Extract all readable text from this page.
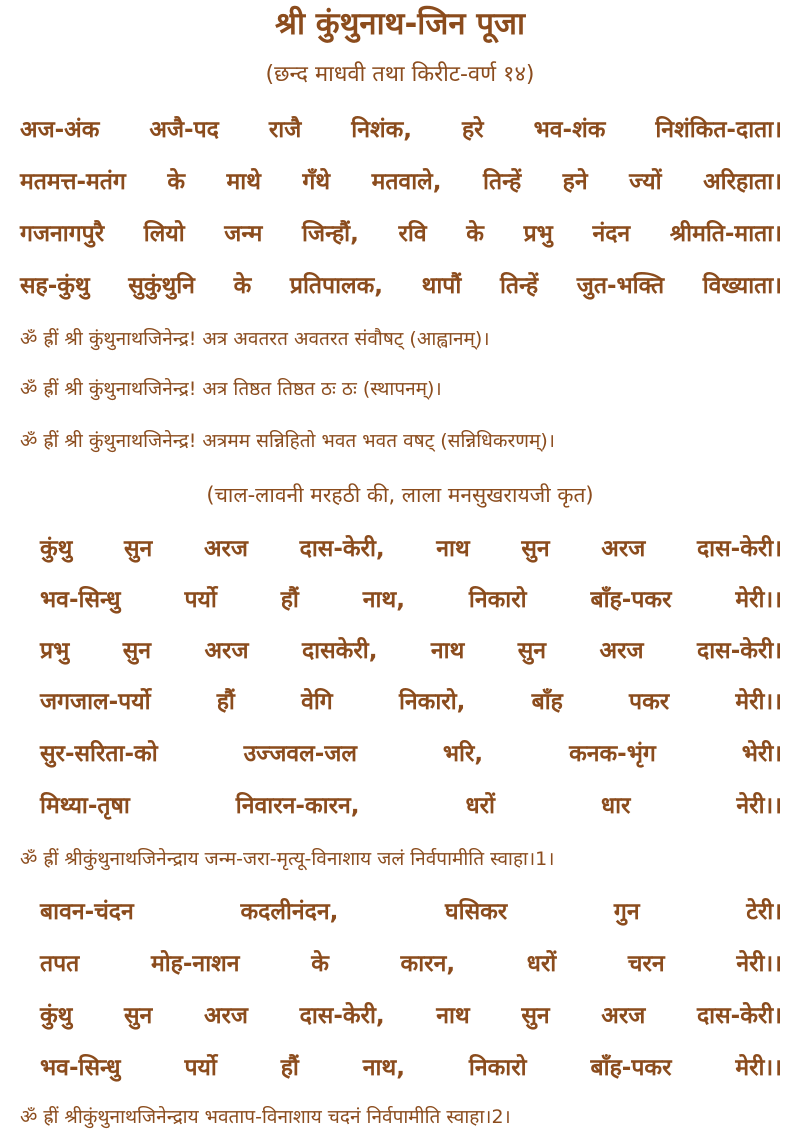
श्री कुंथुनाथ-जिन पूजा
(छन्द माधवी तथा किरीट-वर्ण १४)
अज-अंक अजै-पद राजै निशंक, हरे भव-शंक निशंकित-दाता।
मतमत्त-मतंग के माथे गँथे मतवाले, तिन्हें हने ज्यों अरिहाता।
गजनागपुरै लियो जन्म जिन्हौं, रवि के प्रभु नंदन श्रीमति-माता।
सह-कुंथु सुकुंथुनि के प्रतिपालक, थापौं तिन्हें जुत-भक्ति विख्याता।
ॐ ह्रीं श्री कुंथुनाथजिनेन्द्र! अत्र अवतरत अवतरत संवौषट् (आह्वानम्)।
ॐ ह्रीं श्री कुंथुनाथजिनेन्द्र! अत्र तिष्ठत तिष्ठत ठः ठः (स्थापनम्)।
ॐ ह्रीं श्री कुंथुनाथजिनेन्द्र! अत्रमम सन्निहितो भवत भवत वषट् (सन्निधिकरणम्)।
(चाल-लावनी मरहठी की, लाला मनसुखरायजी कृत)
कुंथु सुन अरज दास-केरी, नाथ सुन अरज दास-केरी।
भव-सिन्धु	पर्यो	हौं	नाथ,	निकारो	बाँह-पकर	मेरी।।
प्रभु सुन अरज दासकेरी, नाथ सुन अरज दास-केरी।
जगजाल-पर्यो	हौं	वेगि	निकारो,	बाँह	पकर	मेरी।।
सुर-सरिता-को	उज्जवल-जल	भरि,	कनक-भृंग	भेरी।
मिथ्या-तृषा	निवारन-कारन,	धरों	धार	नेरी।।
ॐ ह्रीं श्रीकुंथुनाथजिनेन्द्राय जन्म-जरा-मृत्यू-विनाशाय जलं निर्वपामीति स्वाहा।1।
बावन-चंदन	कदलीनंदन,	घसिकर	गुन	टेरी।
तपत	मोह-नाशन	के	कारन,	धरों	चरन	नेरी।।
कुंथु सुन अरज दास-केरी, नाथ सुन अरज दास-केरी।
भव-सिन्धु	पर्यो	हौं	नाथ,	निकारो	बाँह-पकर	मेरी।।
ॐ ह्रीं श्रीकुंथुनाथजिनेन्द्राय भवताप-विनाशाय चदनं निर्वपामीति स्वाहा।2।
